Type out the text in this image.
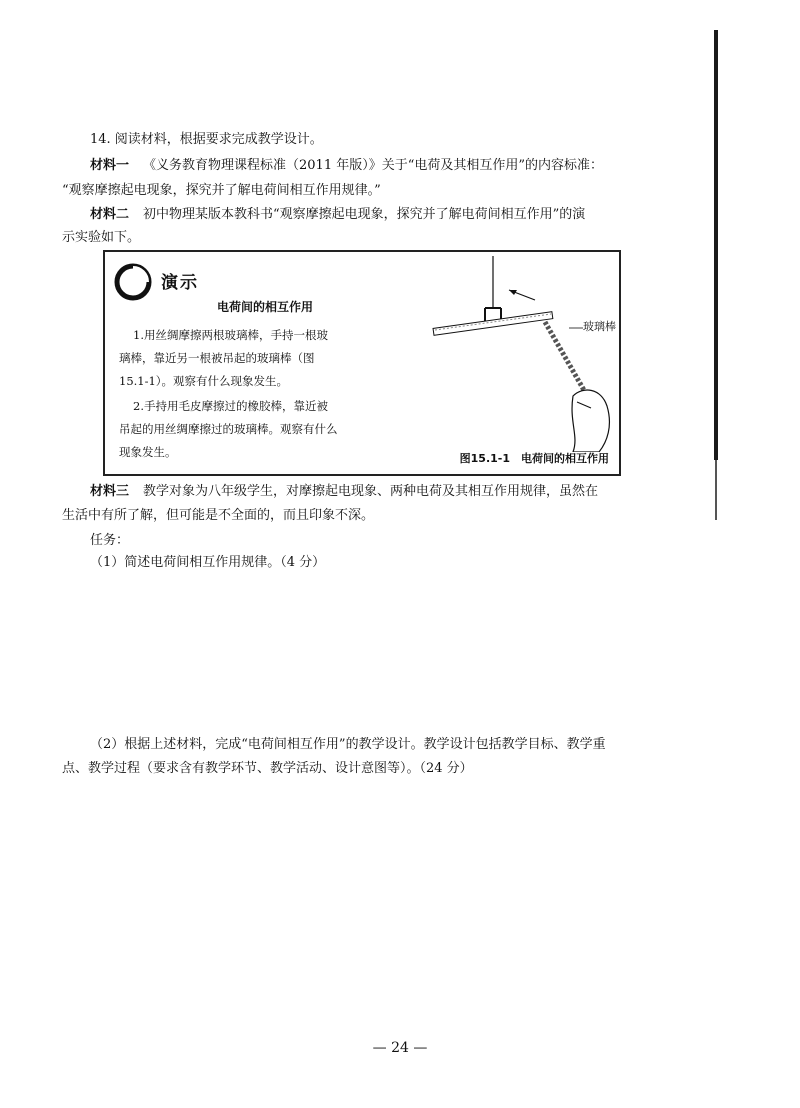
14. 阅读材料，根据要求完成教学设计。
材料一 《义务教育物理课程标准（2011 年版）》关于“电荷及其相互作用”的内容标准：
“观察摩擦起电现象，探究并了解电荷间相互作用规律。”
材料二 初中物理某版本教科书“观察摩擦起电现象，探究并了解电荷间相互作用”的演
示实验如下。
演示
电荷间的相互作用
1.用丝绸摩擦两根玻璃棒，手持一根玻
璃棒，靠近另一根被吊起的玻璃棒（图
15.1-1）。观察有什么现象发生。
2.手持用毛皮摩擦过的橡胶棒，靠近被
吊起的用丝绸摩擦过的玻璃棒。观察有什么
现象发生。
玻璃棒
图15.1-1　电荷间的相互作用
材料三 教学对象为八年级学生，对摩擦起电现象、两种电荷及其相互作用规律，虽然在
生活中有所了解，但可能是不全面的，而且印象不深。
任务：
（1）简述电荷间相互作用规律。（4 分）
（2）根据上述材料，完成“电荷间相互作用”的教学设计。教学设计包括教学目标、教学重
点、教学过程（要求含有教学环节、教学活动、设计意图等）。（24 分）
— 24 —
